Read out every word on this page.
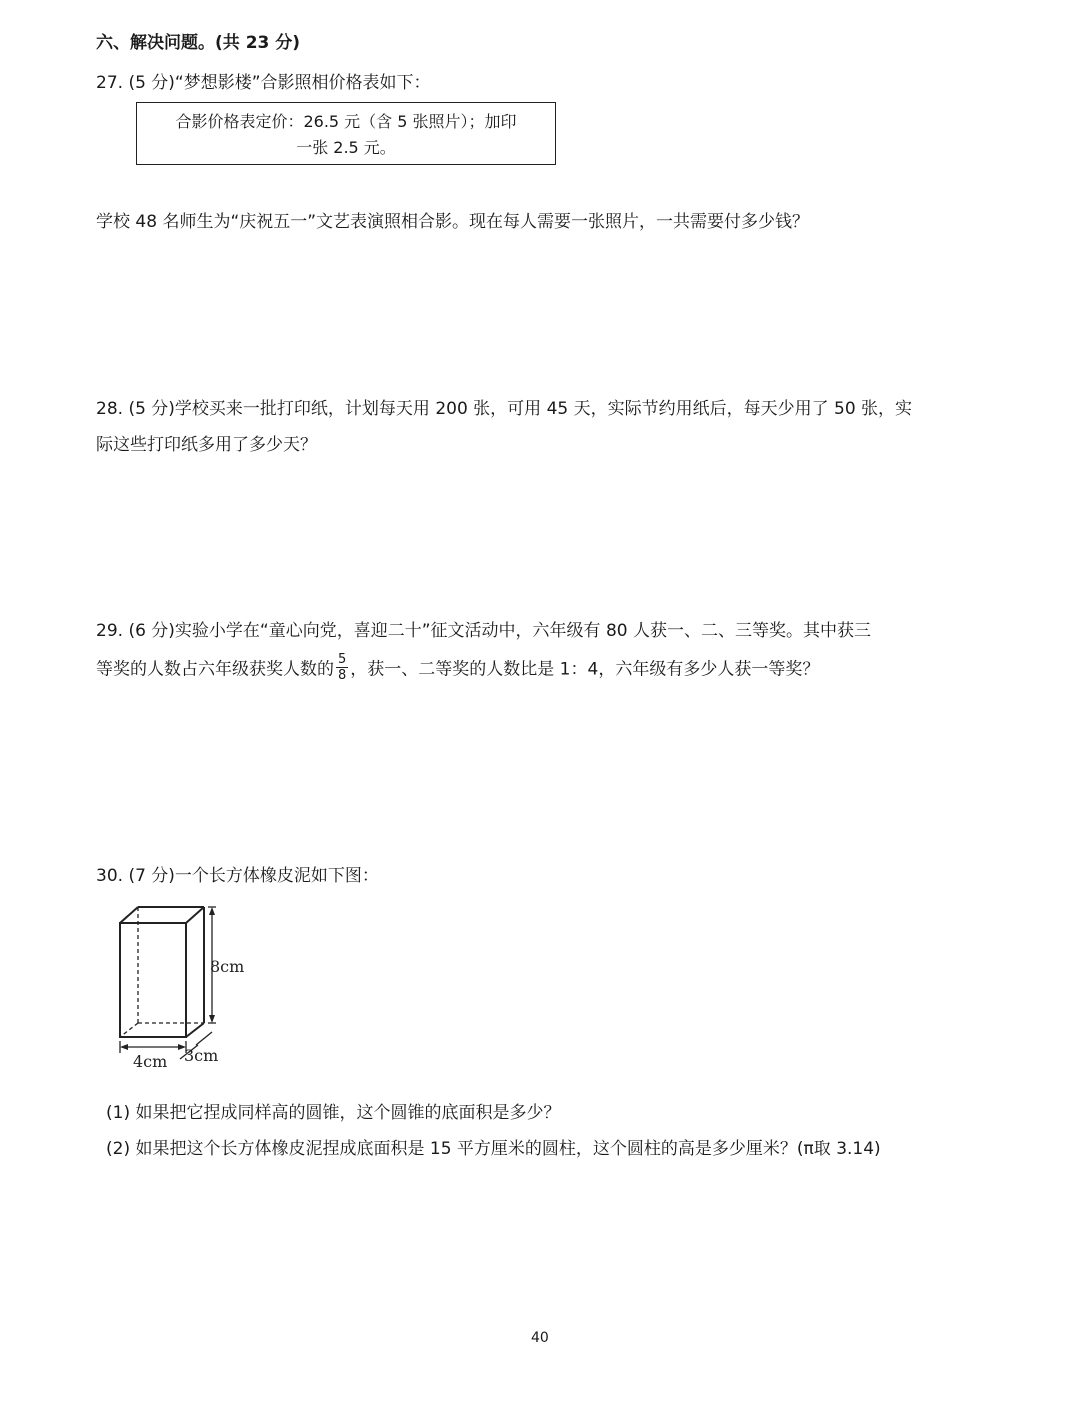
六、解决问题。(共 23 分)
27. (5 分)“梦想影楼”合影照相价格表如下：
合影价格表定价：26.5 元（含 5 张照片）；加印
一张 2.5 元。
学校 48 名师生为“庆祝五一”文艺表演照相合影。现在每人需要一张照片，一共需要付多少钱？
28. (5 分)学校买来一批打印纸，计划每天用 200 张，可用 45 天，实际节约用纸后，每天少用了 50 张，实
际这些打印纸多用了多少天？
29. (6 分)实验小学在“童心向党，喜迎二十”征文活动中，六年级有 80 人获一、二、三等奖。其中获三
等奖的人数占六年级获奖人数的 $\frac{5}{8}$ ，获一、二等奖的人数比是 1：4，六年级有多少人获一等奖？
30. (7 分)一个长方体橡皮泥如下图：
8cm
4cm 3cm
(1) 如果把它捏成同样高的圆锥，这个圆锥的底面积是多少？
(2) 如果把这个长方体橡皮泥捏成底面积是 15 平方厘米的圆柱，这个圆柱的高是多少厘米？(π取 3.14)
40
